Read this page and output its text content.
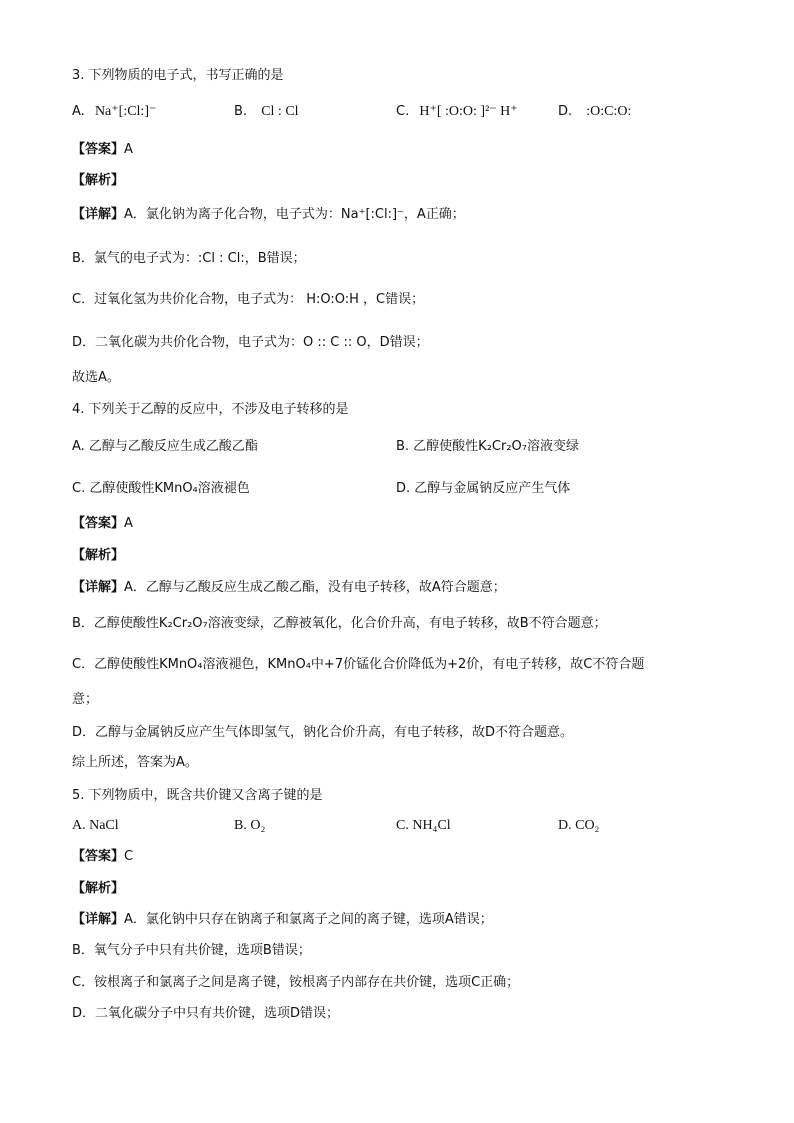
3. 下列物质的电子式，书写正确的是
A. Na⁺[:Cl:]⁻	B. Cl : Cl	C. H⁺[ :O:O: ]²⁻ H⁺	D. :O:C:O:
【答案】A
【解析】
【详解】A．氯化钠为离子化合物，电子式为：Na⁺[:Cl:]⁻，A正确；
B．氯气的电子式为：:Cl : Cl:，B错误；
C．过氧化氢为共价化合物，电子式为： H:O:O:H ，C错误；
D．二氧化碳为共价化合物，电子式为：O :: C :: O，D错误；
故选A。
4. 下列关于乙醇的反应中，不涉及电子转移的是
A. 乙醇与乙酸反应生成乙酸乙酯	B. 乙醇使酸性K₂Cr₂O₇溶液变绿
C. 乙醇使酸性KMnO₄溶液褪色	D. 乙醇与金属钠反应产生气体
【答案】A
【解析】
【详解】A．乙醇与乙酸反应生成乙酸乙酯，没有电子转移，故A符合题意；
B．乙醇使酸性K₂Cr₂O₇溶液变绿，乙醇被氧化，化合价升高，有电子转移，故B不符合题意；
C．乙醇使酸性KMnO₄溶液褪色，KMnO₄中+7价锰化合价降低为+2价，有电子转移，故C不符合题
意；
D．乙醇与金属钠反应产生气体即氢气，钠化合价升高，有电子转移，故D不符合题意。
综上所述，答案为A。
5. 下列物质中，既含共价键又含离子键的是
A. NaCl	B. O₂	C. NH₄Cl	D. CO₂
【答案】C
【解析】
【详解】A．氯化钠中只存在钠离子和氯离子之间的离子键，选项A错误；
B．氧气分子中只有共价键，选项B错误；
C．铵根离子和氯离子之间是离子键，铵根离子内部存在共价键，选项C正确；
D．二氧化碳分子中只有共价键，选项D错误；
